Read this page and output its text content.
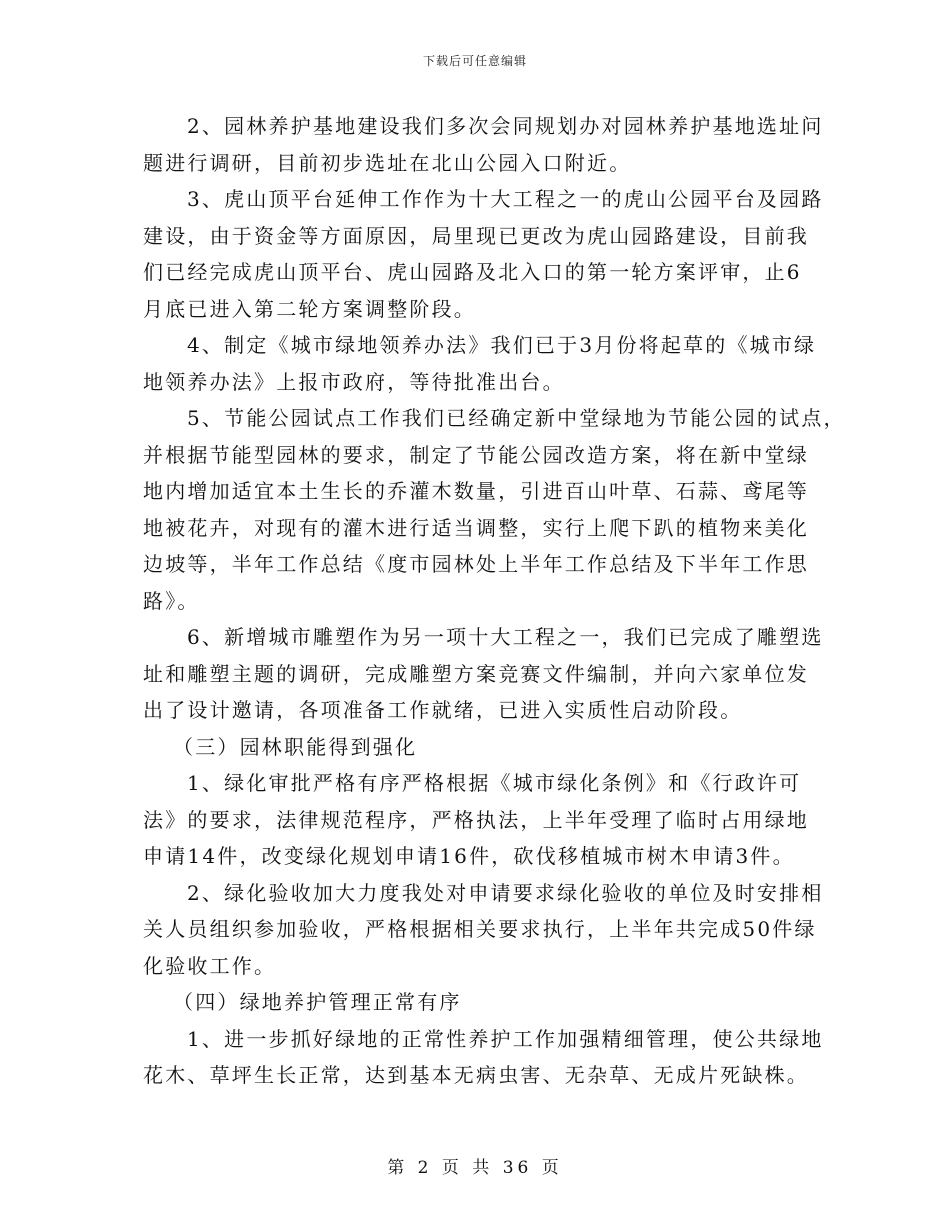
下载后可任意编辑
2、园林养护基地建设我们多次会同规划办对园林养护基地选址问
题进行调研，目前初步选址在北山公园入口附近。
3、虎山顶平台延伸工作作为十大工程之一的虎山公园平台及园路
建设，由于资金等方面原因，局里现已更改为虎山园路建设，目前我
们已经完成虎山顶平台、虎山园路及北入口的第一轮方案评审，止6
月底已进入第二轮方案调整阶段。
4、制定《城市绿地领养办法》我们已于3月份将起草的《城市绿
地领养办法》上报市政府，等待批准出台。
5、节能公园试点工作我们已经确定新中堂绿地为节能公园的试点，
并根据节能型园林的要求，制定了节能公园改造方案，将在新中堂绿
地内增加适宜本土生长的乔灌木数量，引进百山叶草、石蒜、鸢尾等
地被花卉，对现有的灌木进行适当调整，实行上爬下趴的植物来美化
边坡等，半年工作总结《度市园林处上半年工作总结及下半年工作思
路》。
6、新增城市雕塑作为另一项十大工程之一，我们已完成了雕塑选
址和雕塑主题的调研，完成雕塑方案竞赛文件编制，并向六家单位发
出了设计邀请，各项准备工作就绪，已进入实质性启动阶段。
（三）园林职能得到强化
1、绿化审批严格有序严格根据《城市绿化条例》和《行政许可
法》的要求，法律规范程序，严格执法，上半年受理了临时占用绿地
申请14件，改变绿化规划申请16件，砍伐移植城市树木申请3件。
2、绿化验收加大力度我处对申请要求绿化验收的单位及时安排相
关人员组织参加验收，严格根据相关要求执行，上半年共完成50件绿
化验收工作。
（四）绿地养护管理正常有序
1、进一步抓好绿地的正常性养护工作加强精细管理，使公共绿地
花木、草坪生长正常，达到基本无病虫害、无杂草、无成片死缺株。
第 2 页 共 36 页
